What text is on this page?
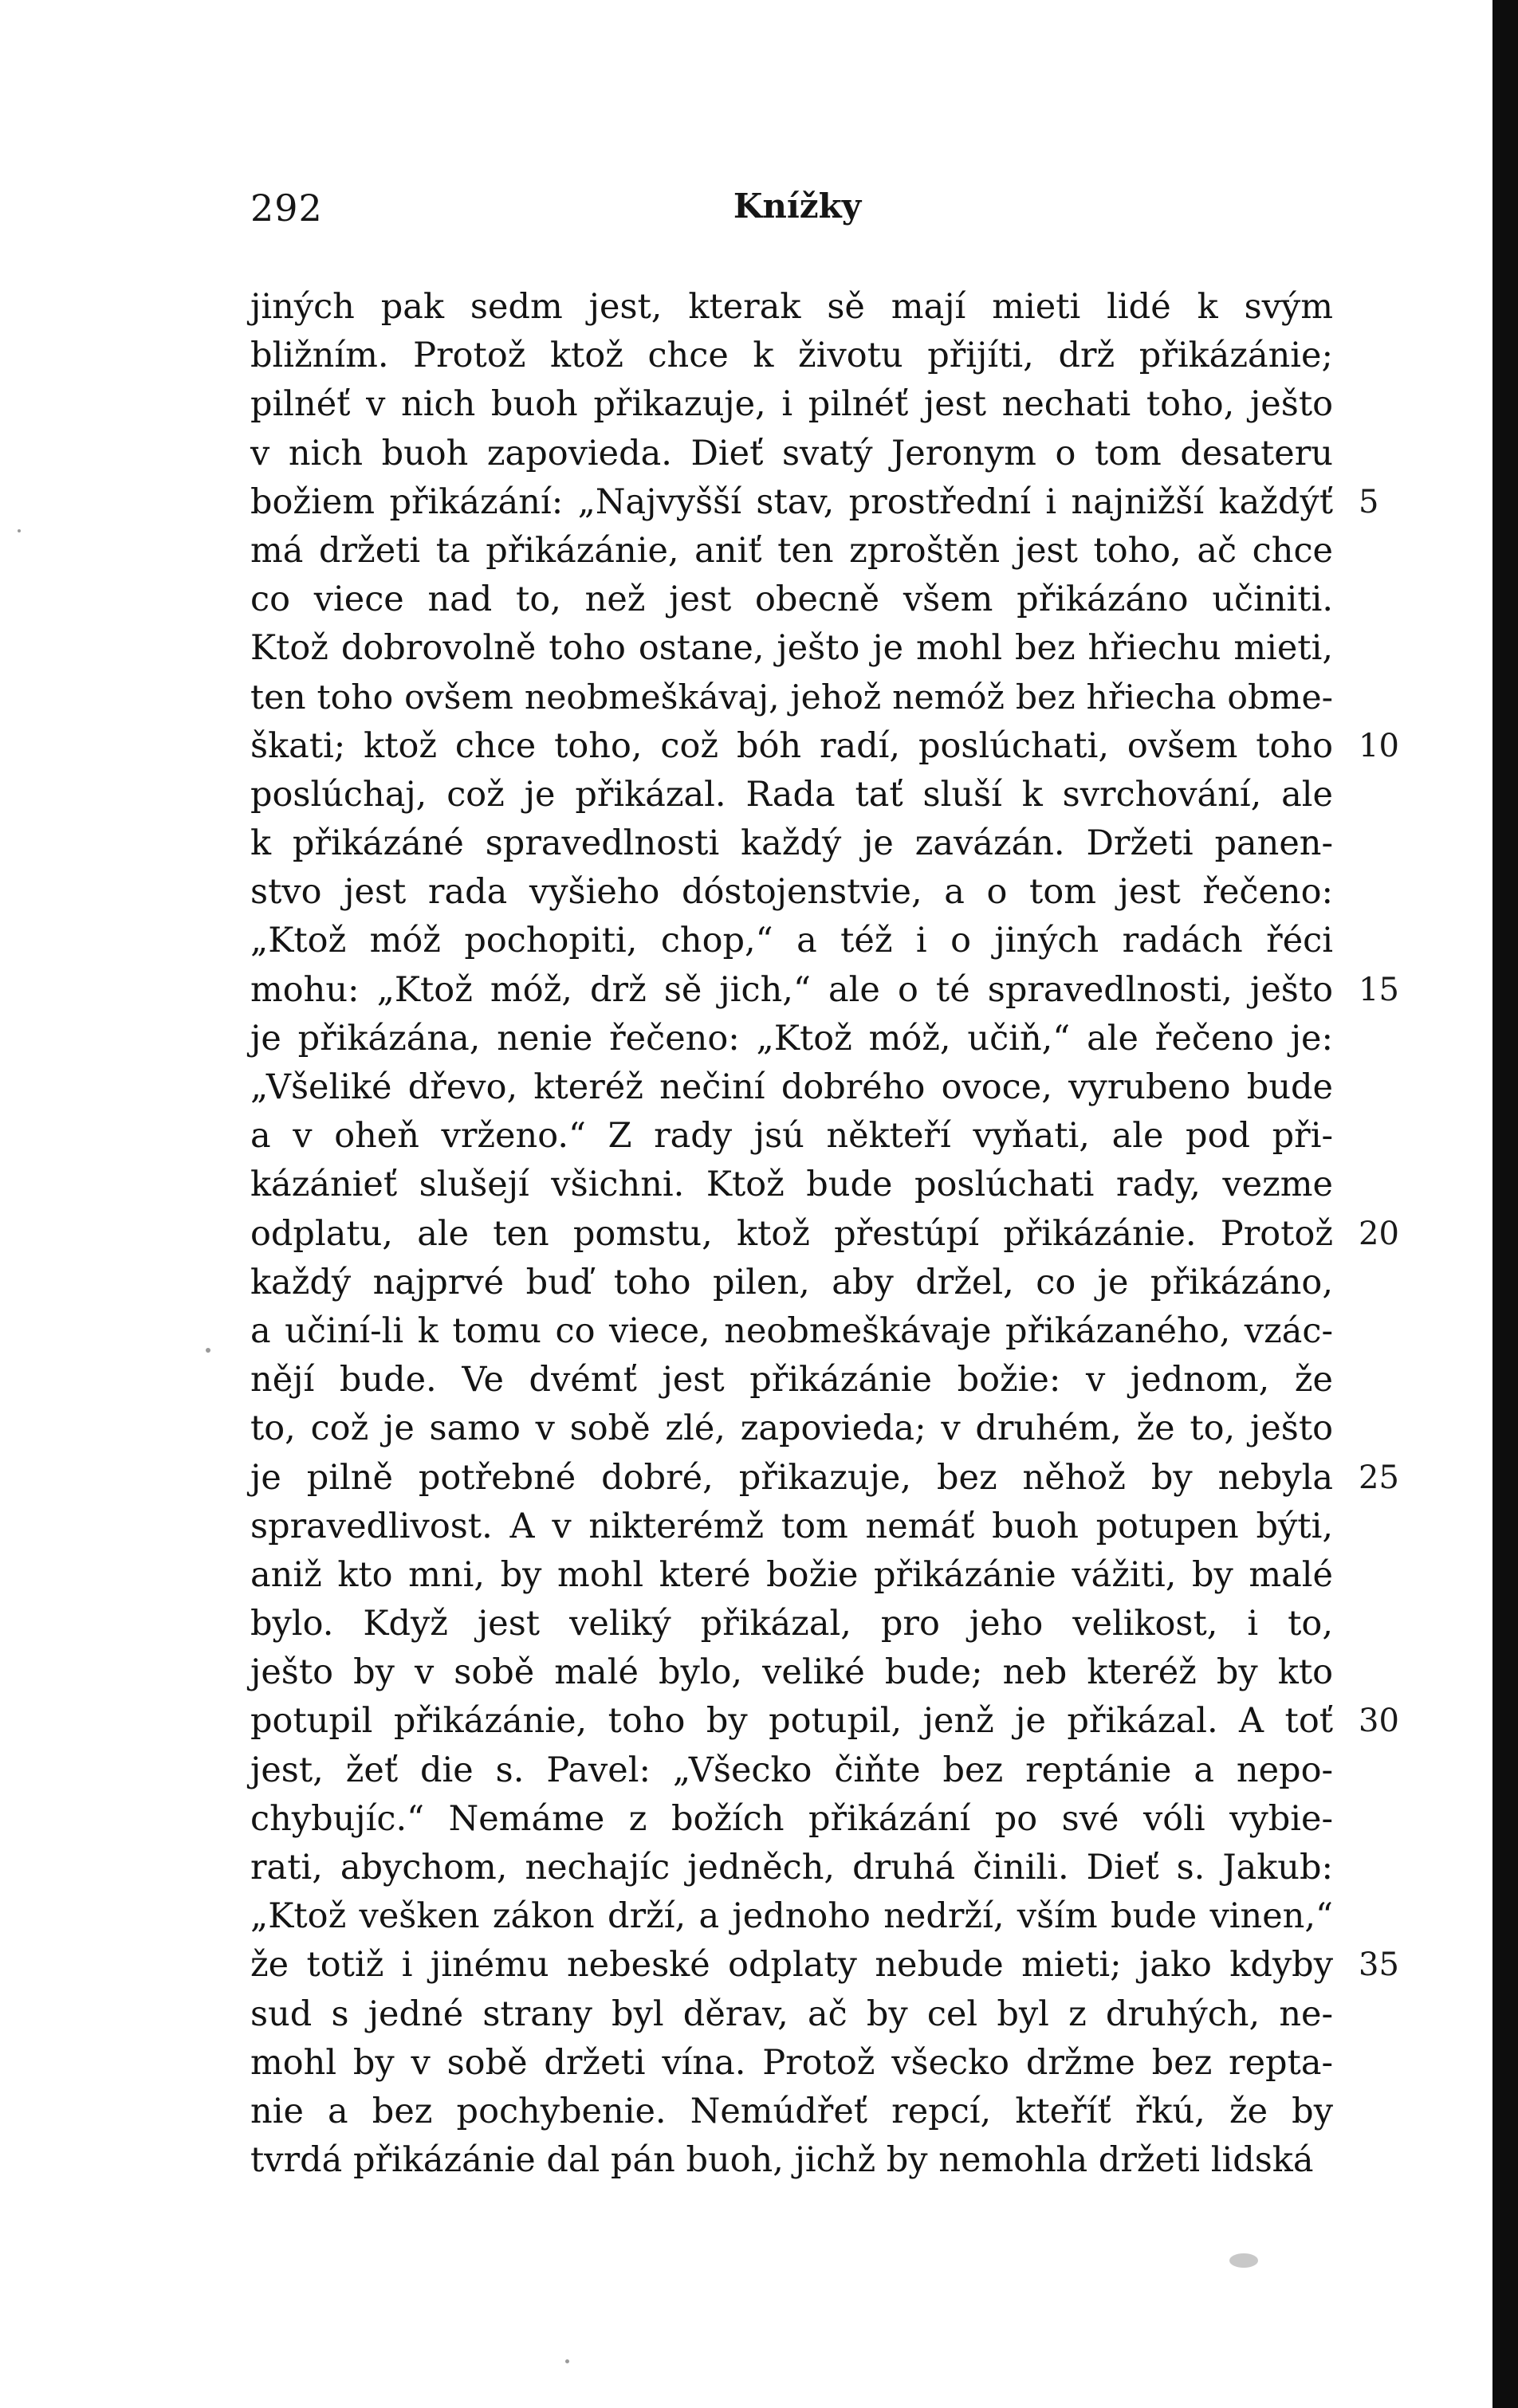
292	Knížky
jiných pak sedm jest, kterak sě mají mieti lidé k svým
bližním. Protož ktož chce k životu přijíti, drž přikázánie;
pilnéť v nich buoh přikazuje, i pilnéť jest nechati toho, ješto
v nich buoh zapovieda. Dieť svatý Jeronym o tom desateru
božiem přikázání: „Najvyšší stav, prostřední i najnižší každýť 5
má držeti ta přikázánie, aniť ten zproštěn jest toho, ač chce
co viece nad to, než jest obecně všem přikázáno učiniti.
Ktož dobrovolně toho ostane, ješto je mohl bez hřiechu mieti,
ten toho ovšem neobmeškávaj, jehož nemóž bez hřiecha obme-
škati; ktož chce toho, což bóh radí, poslúchati, ovšem toho 10
poslúchaj, což je přikázal. Rada tať sluší k svrchování, ale
k přikázáné spravedlnosti každý je zavázán. Držeti panen-
stvo jest rada vyšieho dóstojenstvie, a o tom jest řečeno:
„Ktož móž pochopiti, chop,“ a též i o jiných radách řéci
mohu: „Ktož móž, drž sě jich,“ ale o té spravedlnosti, ješto 15
je přikázána, nenie řečeno: „Ktož móž, učiň,“ ale řečeno je:
„Všeliké dřevo, kteréž nečiní dobrého ovoce, vyrubeno bude
a v oheň vrženo.“ Z rady jsú někteří vyňati, ale pod při-
kázánieť slušejí všichni. Ktož bude poslúchati rady, vezme
odplatu, ale ten pomstu, ktož přestúpí přikázánie. Protož 20
každý najprvé buď toho pilen, aby držel, co je přikázáno,
a učiní-li k tomu co viece, neobmeškávaje přikázaného, vzác-
nějí bude. Ve dvémť jest přikázánie božie: v jednom, že
to, což je samo v sobě zlé, zapovieda; v druhém, že to, ješto
je pilně potřebné dobré, přikazuje, bez něhož by nebyla 25
spravedlivost. A v nikterémž tom nemáť buoh potupen býti,
aniž kto mni, by mohl které božie přikázánie vážiti, by malé
bylo. Když jest veliký přikázal, pro jeho velikost, i to,
ješto by v sobě malé bylo, veliké bude; neb kteréž by kto
potupil přikázánie, toho by potupil, jenž je přikázal. A toť 30
jest, žeť die s. Pavel: „Všecko čiňte bez reptánie a nepo-
chybujíc.“ Nemáme z božích přikázání po své vóli vybie-
rati, abychom, nechajíc jedněch, druhá činili. Dieť s. Jakub:
„Ktož vešken zákon drží, a jednoho nedrží, vším bude vinen,“
že totiž i jinému nebeské odplaty nebude mieti; jako kdyby 35
sud s jedné strany byl děrav, ač by cel byl z druhých, ne-
mohl by v sobě držeti vína. Protož všecko držme bez repta-
nie a bez pochybenie. Nemúdřeť repcí, kteříť řkú, že by
tvrdá přikázánie dal pán buoh, jichž by nemohla držeti lidská
